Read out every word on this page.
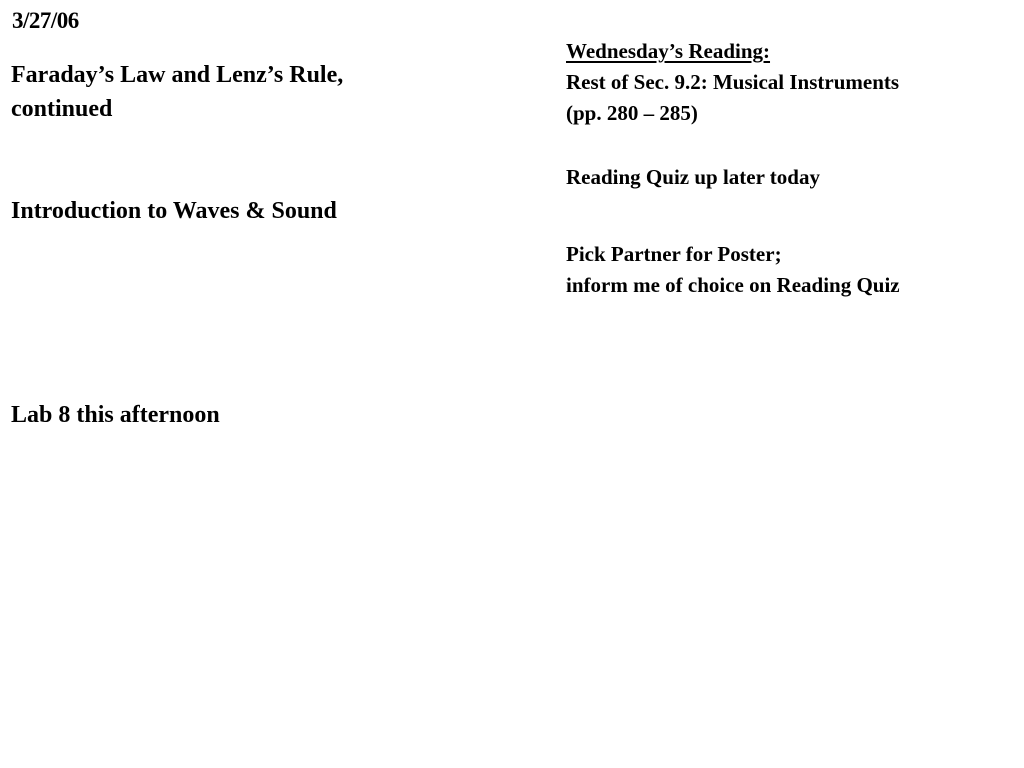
3/27/06

Faraday’s Law and Lenz’s Rule,
continued

Introduction to Waves & Sound

Lab 8 this afternoon

Wednesday’s Reading:

Rest of Sec. 9.2: Musical Instruments

(pp. 280 – 285)

Reading Quiz up later today

Pick Partner for Poster;

inform me of choice on Reading Quiz
